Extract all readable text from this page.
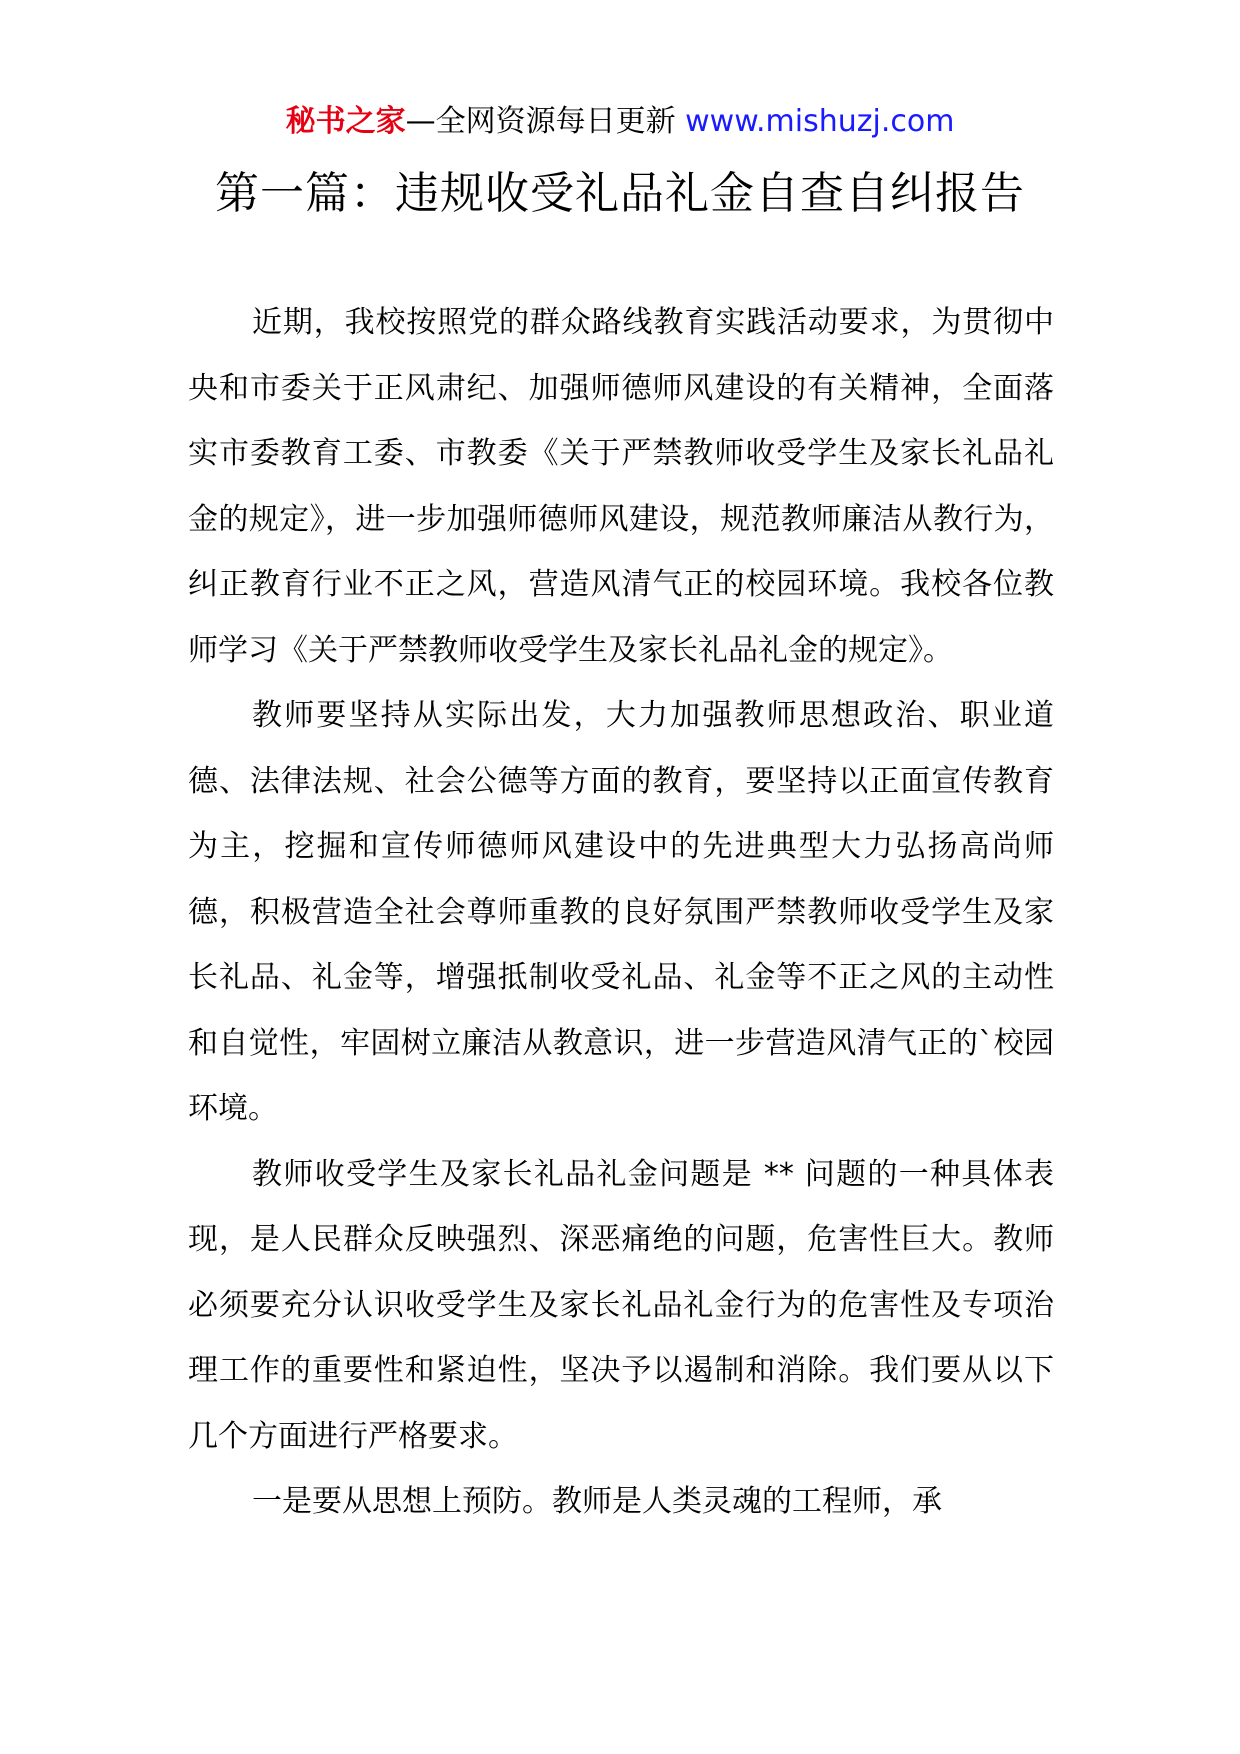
秘书之家—全网资源每日更新 www.mishuzj.com
第一篇：违规收受礼品礼金自查自纠报告

近期，我校按照党的群众路线教育实践活动要求，为贯彻中央和市委关于正风肃纪、加强师德师风建设的有关精神，全面落实市委教育工委、市教委《关于严禁教师收受学生及家长礼品礼金的规定》，进一步加强师德师风建设，规范教师廉洁从教行为，纠正教育行业不正之风，营造风清气正的校园环境。我校各位教师学习《关于严禁教师收受学生及家长礼品礼金的规定》。

教师要坚持从实际出发，大力加强教师思想政治、职业道德、法律法规、社会公德等方面的教育，要坚持以正面宣传教育为主，挖掘和宣传师德师风建设中的先进典型大力弘扬高尚师德，积极营造全社会尊师重教的良好氛围严禁教师收受学生及家长礼品、礼金等，增强抵制收受礼品、礼金等不正之风的主动性和自觉性，牢固树立廉洁从教意识，进一步营造风清气正的`校园环境。

教师收受学生及家长礼品礼金问题是 ** 问题的一种具体表现，是人民群众反映强烈、深恶痛绝的问题，危害性巨大。教师必须要充分认识收受学生及家长礼品礼金行为的危害性及专项治理工作的重要性和紧迫性，坚决予以遏制和消除。我们要从以下几个方面进行严格要求。

一是要从思想上预防。教师是人类灵魂的工程师，承
